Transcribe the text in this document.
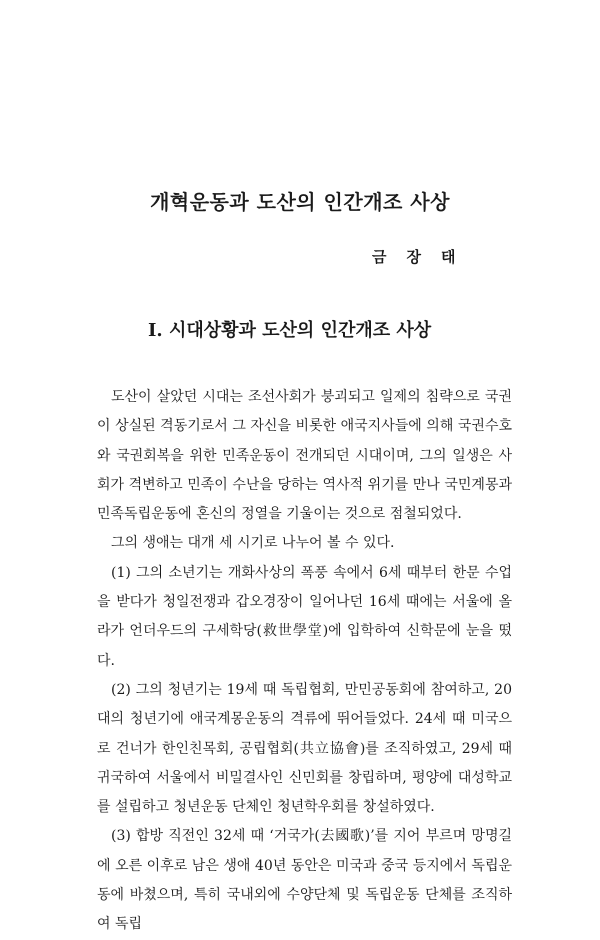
개혁운동과 도산의 인간개조 사상
금 장 태
Ⅰ. 시대상황과 도산의 인간개조 사상

도산이 살았던 시대는 조선사회가 붕괴되고 일제의 침략으로 국권이 상실된 격동기로서 그 자신을 비롯한 애국지사들에 의해 국권수호와 국권회복을 위한 민족운동이 전개되던 시대이며, 그의 일생은 사회가 격변하고 민족이 수난을 당하는 역사적 위기를 만나 국민계몽과 민족독립운동에 혼신의 정열을 기울이는 것으로 점철되었다.

그의 생애는 대개 세 시기로 나누어 볼 수 있다.

(1) 그의 소년기는 개화사상의 폭풍 속에서 6세 때부터 한문 수업을 받다가 청일전쟁과 갑오경장이 일어나던 16세 때에는 서울에 올라가 언더우드의 구세학당(救世學堂)에 입학하여 신학문에 눈을 떴다.

(2) 그의 청년기는 19세 때 독립협회, 만민공동회에 참여하고, 20대의 청년기에 애국계몽운동의 격류에 뛰어들었다. 24세 때 미국으로 건너가 한인친목회, 공립협회(共立協會)를 조직하였고, 29세 때 귀국하여 서울에서 비밀결사인 신민회를 창립하며, 평양에 대성학교를 설립하고 청년운동 단체인 청년학우회를 창설하였다.

(3) 합방 직전인 32세 때 ‘거국가(去國歌)’를 지어 부르며 망명길에 오른 이후로 남은 생애 40년 동안은 미국과 중국 등지에서 독립운동에 바쳤으며, 특히 국내외에 수양단체 및 독립운동 단체를 조직하여 독립
